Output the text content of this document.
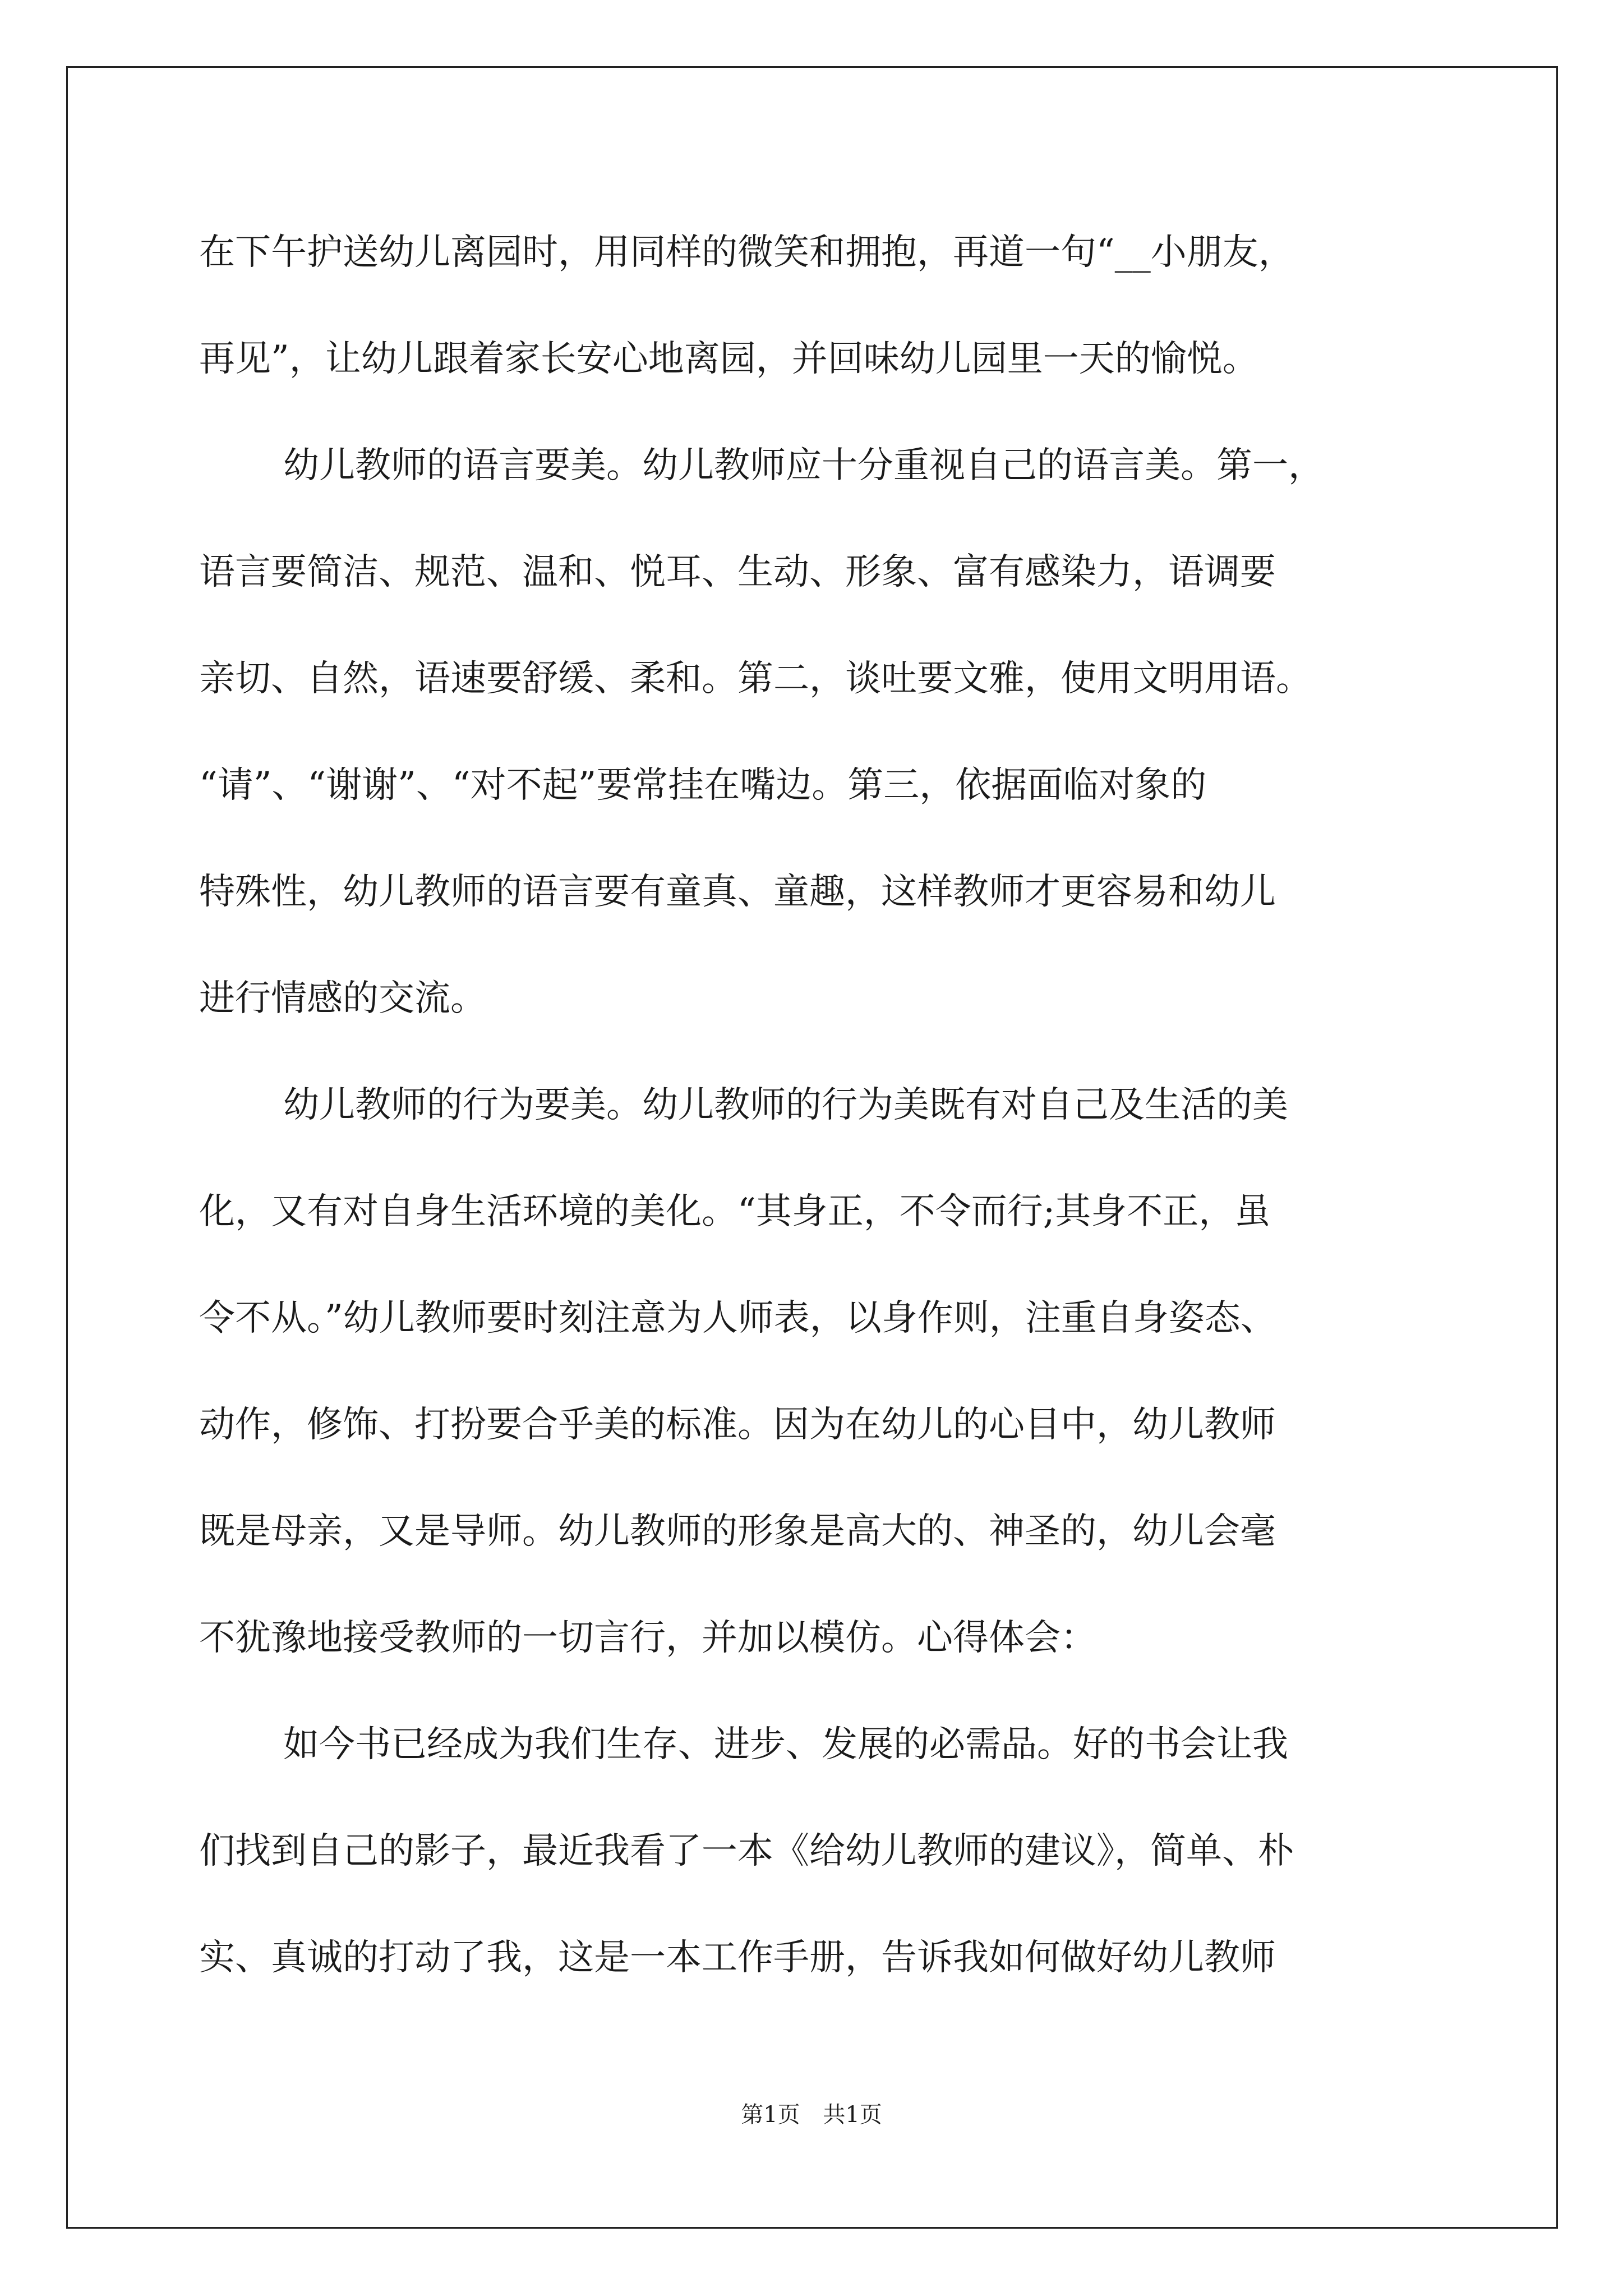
在下午护送幼儿离园时，用同样的微笑和拥抱，再道一句“__小朋友，
再见”，让幼儿跟着家长安心地离园，并回味幼儿园里一天的愉悦。
幼儿教师的语言要美。幼儿教师应十分重视自己的语言美。第一，
语言要简洁、规范、温和、悦耳、生动、形象、富有感染力，语调要
亲切、自然，语速要舒缓、柔和。第二，谈吐要文雅，使用文明用语。
“请”、“谢谢”、“对不起”要常挂在嘴边。第三，依据面临对象的
特殊性，幼儿教师的语言要有童真、童趣，这样教师才更容易和幼儿
进行情感的交流。
幼儿教师的行为要美。幼儿教师的行为美既有对自己及生活的美
化，又有对自身生活环境的美化。“其身正，不令而行;其身不正，虽
令不从。”幼儿教师要时刻注意为人师表，以身作则，注重自身姿态、
动作，修饰、打扮要合乎美的标准。因为在幼儿的心目中，幼儿教师
既是母亲，又是导师。幼儿教师的形象是高大的、神圣的，幼儿会毫
不犹豫地接受教师的一切言行，并加以模仿。心得体会：
如今书已经成为我们生存、进步、发展的必需品。好的书会让我
们找到自己的影子，最近我看了一本《给幼儿教师的建议》，简单、朴
实、真诚的打动了我，这是一本工作手册，告诉我如何做好幼儿教师
第1页 共1页
